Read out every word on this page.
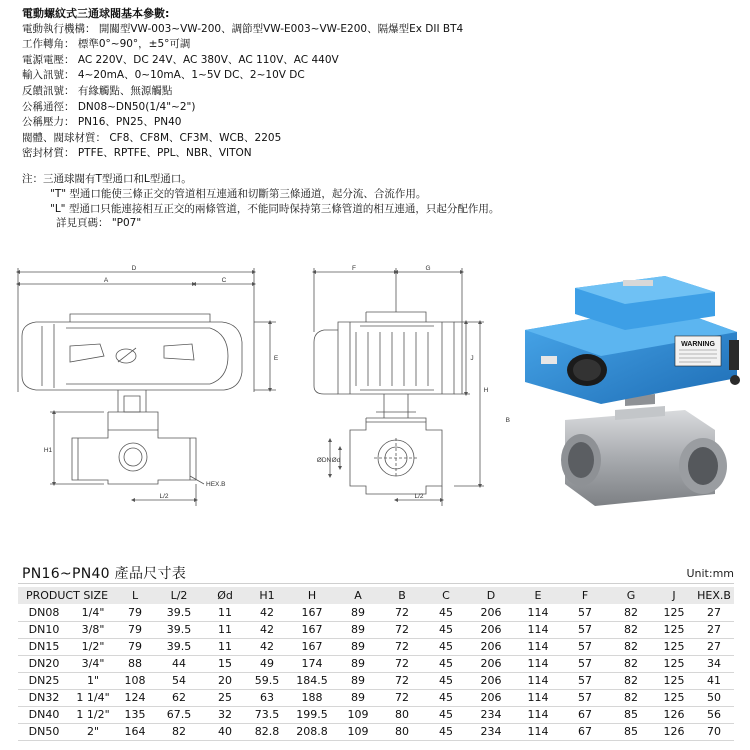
電動螺紋式三通球閥基本參數:
電動執行機構： 開關型VW-003~VW-200、調節型VW-E003~VW-E200、隔爆型Ex DII BT4
工作轉角： 標準0°~90°，±5°可調
電源電壓： AC 220V、DC 24V、AC 380V、AC 110V、AC 440V
輸入訊號： 4~20mA、0~10mA、1~5V DC、2~10V DC
反饋訊號： 有緣觸點、無源觸點
公稱通徑： DN08~DN50(1/4"~2")
公稱壓力： PN16、PN25、PN40
閥體、閥球材質： CF8、CF8M、CF3M、WCB、2205
密封材質： PTFE、RPTFE、PPL、NBR、VITON
注：三通球閥有T型通口和L型通口。
"T" 型通口能使三條正交的管道相互連通和切斷第三條通道，起分流、合流作用。
"L" 型通口只能連接相互正交的兩條管道，不能同時保持第三條管道的相互連通，只起分配作用。
詳見頁碼： "P07"
D
A	C
E
H1
L/2
HEX.B
F	G
J
H
Ød
ØDN
L/2
B
WARNING
PN16~PN40 產品尺寸表	Unit:mm
PRODUCT SIZE		L	L/2	Ød	H1	H	A	B	C	D	E	F	G	J	HEX.B
DN08	1/4"	79	39.5	11	42	167	89	72	45	206	114	57	82	125	27
DN10	3/8"	79	39.5	11	42	167	89	72	45	206	114	57	82	125	27
DN15	1/2"	79	39.5	11	42	167	89	72	45	206	114	57	82	125	27
DN20	3/4"	88	44	15	49	174	89	72	45	206	114	57	82	125	34
DN25	1"	108	54	20	59.5	184.5	89	72	45	206	114	57	82	125	41
DN32	1 1/4"	124	62	25	63	188	89	72	45	206	114	57	82	125	50
DN40	1 1/2"	135	67.5	32	73.5	199.5	109	80	45	234	114	67	85	126	56
DN50	2"	164	82	40	82.8	208.8	109	80	45	234	114	67	85	126	70
